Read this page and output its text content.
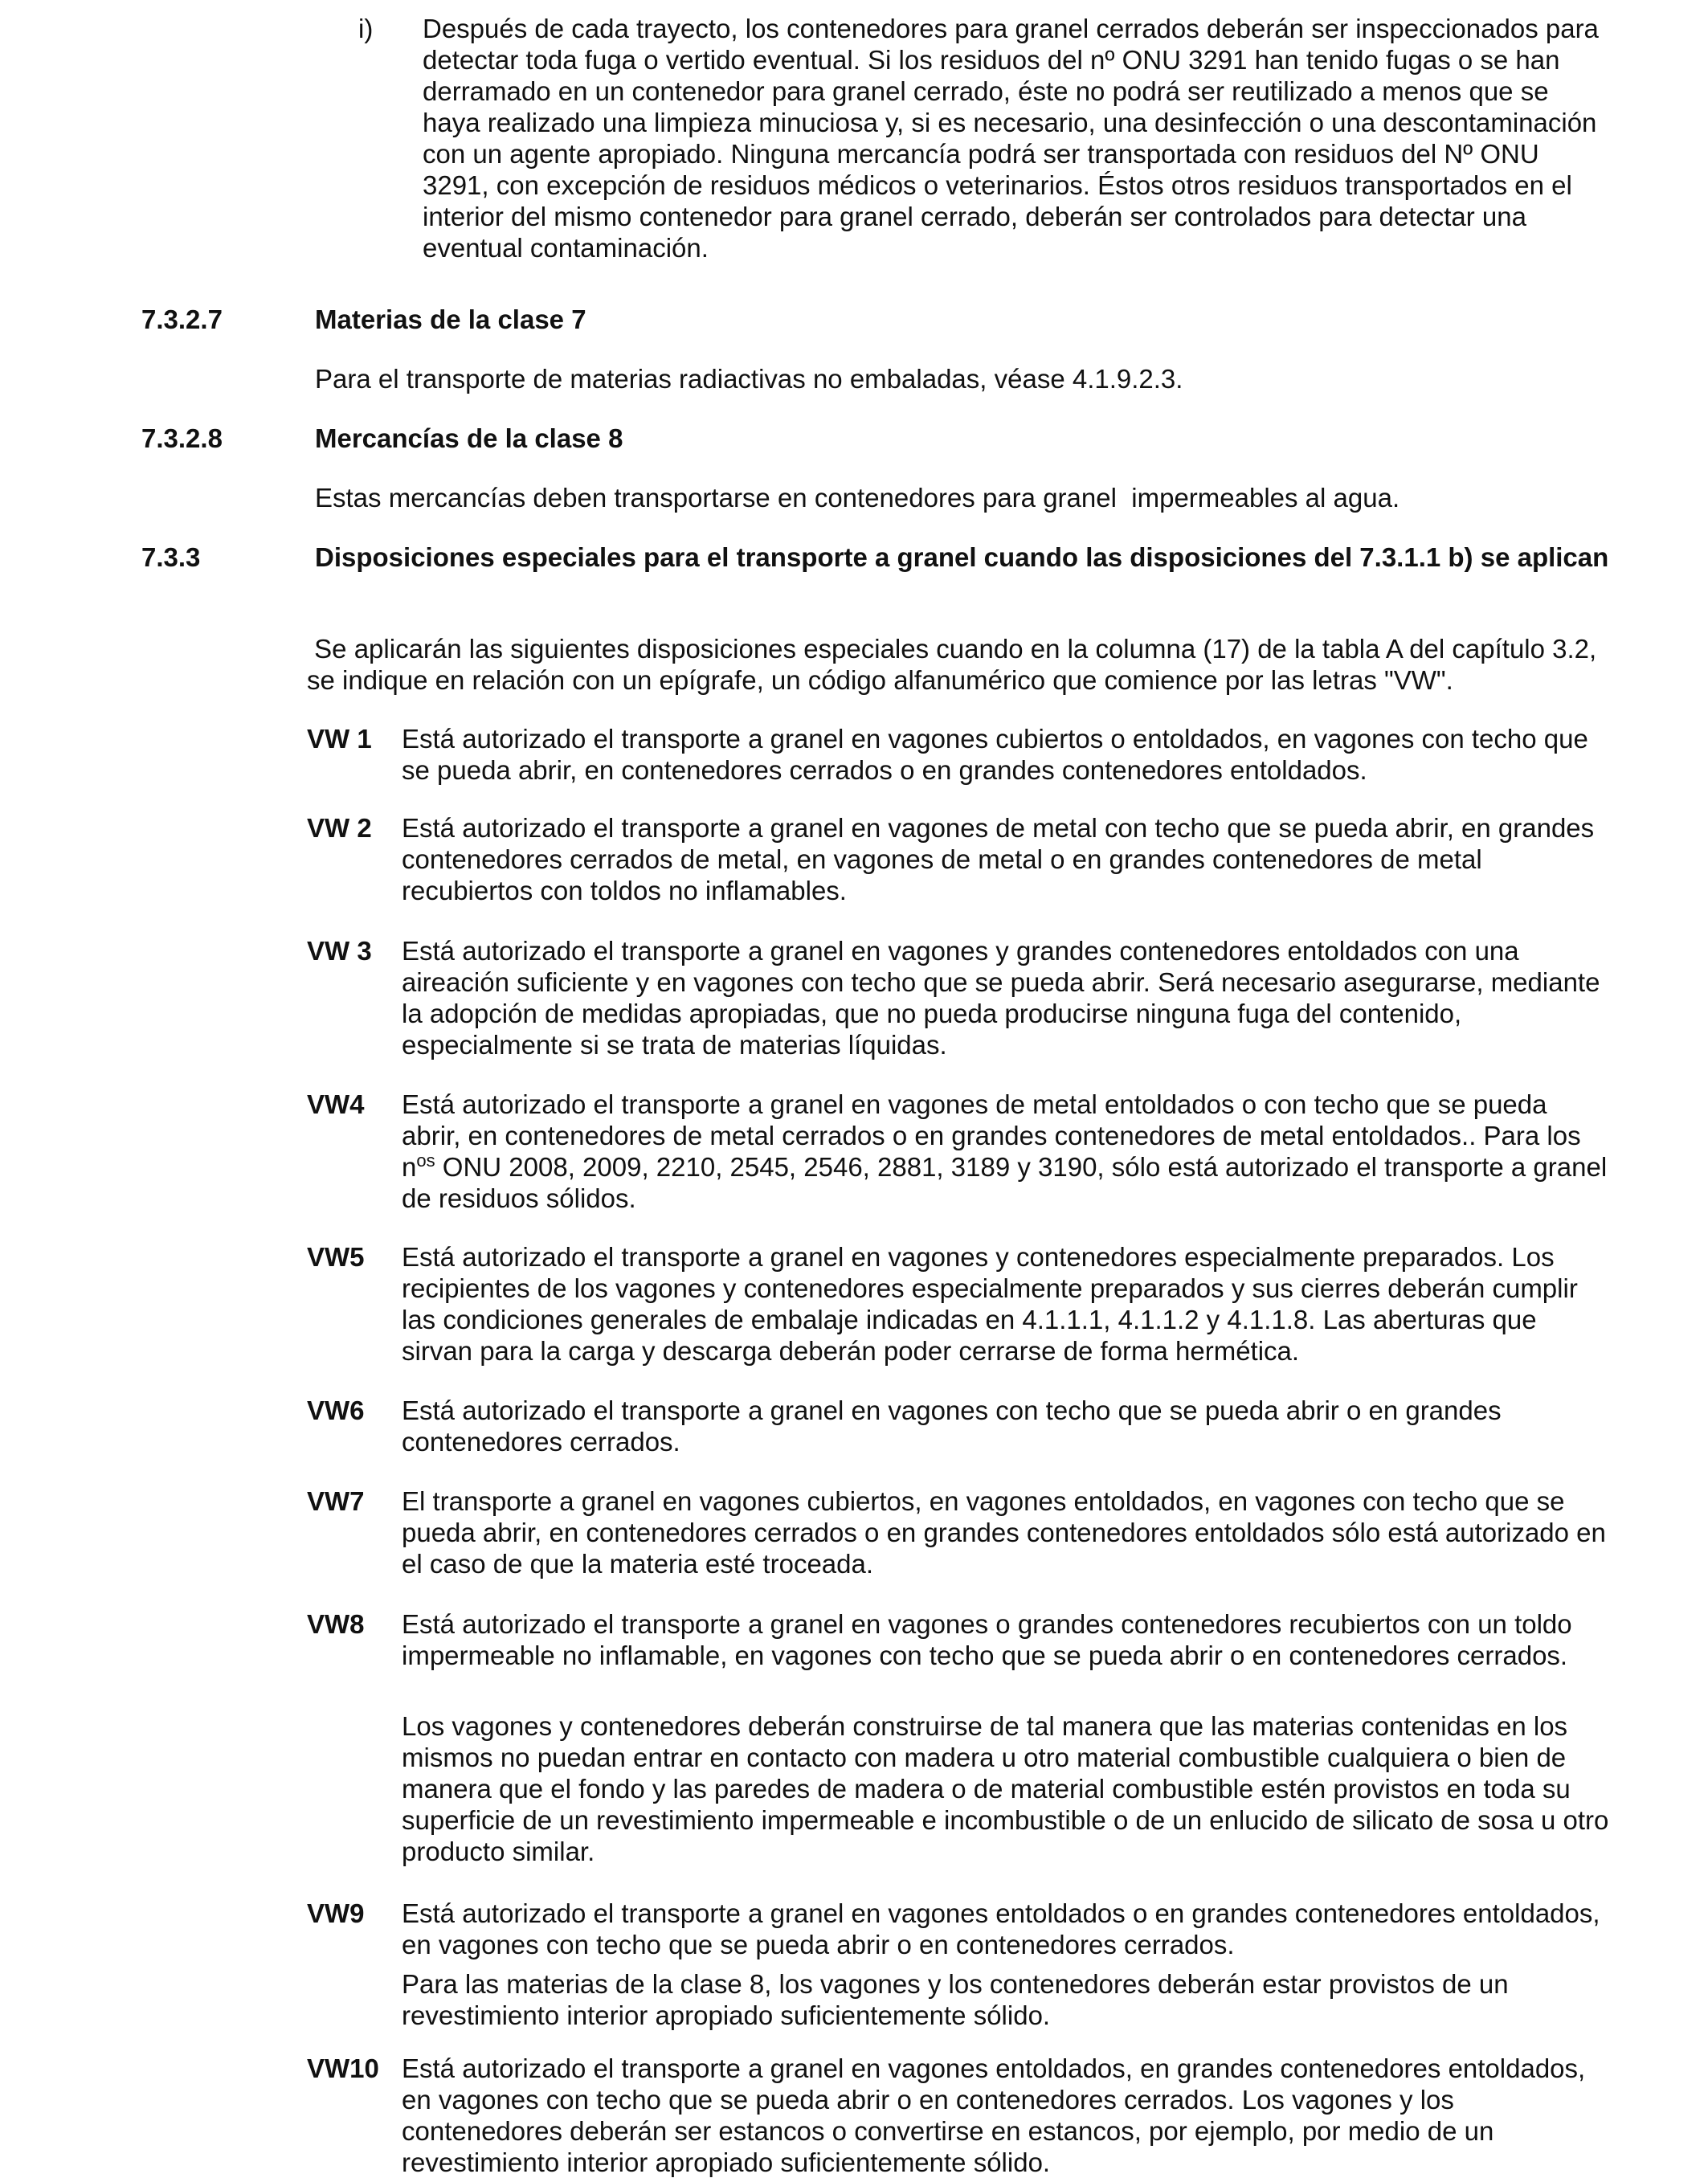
i) Después de cada trayecto, los contenedores para granel cerrados deberán ser inspeccionados para detectar toda fuga o vertido eventual. Si los residuos del nº ONU 3291 han tenido fugas o se han derramado en un contenedor para granel cerrado, éste no podrá ser reutilizado a menos que se haya realizado una limpieza minuciosa y, si es necesario, una desinfección o una descontaminación con un agente apropiado. Ninguna mercancía podrá ser transportada con residuos del Nº ONU 3291, con excepción de residuos médicos o veterinarios. Éstos otros residuos transportados en el interior del mismo contenedor para granel cerrado, deberán ser controlados para detectar una eventual contaminación.
7.3.2.7	Materias de la clase 7
Para el transporte de materias radiactivas no embaladas, véase 4.1.9.2.3.
7.3.2.8	Mercancías de la clase 8
Estas mercancías deben transportarse en contenedores para granel  impermeables al agua.
7.3.3	Disposiciones especiales para el transporte a granel cuando las disposiciones del 7.3.1.1 b) se aplican
Se aplicarán las siguientes disposiciones especiales cuando en la columna (17) de la tabla A del capítulo 3.2, se indique en relación con un epígrafe, un código alfanumérico que comience por las letras "VW".
VW 1 Está autorizado el transporte a granel en vagones cubiertos o entoldados, en vagones con techo que se pueda abrir, en contenedores cerrados o en grandes contenedores entoldados.
VW 2 Está autorizado el transporte a granel en vagones de metal con techo que se pueda abrir, en grandes contenedores cerrados de metal, en vagones de metal o en grandes contenedores de metal recubiertos con toldos no inflamables.
VW 3 Está autorizado el transporte a granel en vagones y grandes contenedores entoldados con una aireación suficiente y en vagones con techo que se pueda abrir. Será necesario asegurarse, mediante la adopción de medidas apropiadas, que no pueda producirse ninguna fuga del contenido, especialmente si se trata de materias líquidas.
VW4 Está autorizado el transporte a granel en vagones de metal entoldados o con techo que se pueda abrir, en contenedores de metal cerrados o en grandes contenedores de metal entoldados.. Para los $n^{os}$ ONU 2008, 2009, 2210, 2545, 2546, 2881, 3189 y 3190, sólo está autorizado el transporte a granel de residuos sólidos.
VW5 Está autorizado el transporte a granel en vagones y contenedores especialmente preparados. Los recipientes de los vagones y contenedores especialmente preparados y sus cierres deberán cumplir las condiciones generales de embalaje indicadas en 4.1.1.1, 4.1.1.2 y 4.1.1.8. Las aberturas que sirvan para la carga y descarga deberán poder cerrarse de forma hermética.
VW6 Está autorizado el transporte a granel en vagones con techo que se pueda abrir o en grandes contenedores cerrados.
VW7 El transporte a granel en vagones cubiertos, en vagones entoldados, en vagones con techo que se pueda abrir, en contenedores cerrados o en grandes contenedores entoldados sólo está autorizado en el caso de que la materia esté troceada.
VW8 Está autorizado el transporte a granel en vagones o grandes contenedores recubiertos con un toldo impermeable no inflamable, en vagones con techo que se pueda abrir o en contenedores cerrados.
Los vagones y contenedores deberán construirse de tal manera que las materias contenidas en los mismos no puedan entrar en contacto con madera u otro material combustible cualquiera o bien de manera que el fondo y las paredes de madera o de material combustible estén provistos en toda su superficie de un revestimiento impermeable e incombustible o de un enlucido de silicato de sosa u otro producto similar.
VW9 Está autorizado el transporte a granel en vagones entoldados o en grandes contenedores entoldados, en vagones con techo que se pueda abrir o en contenedores cerrados.
Para las materias de la clase 8, los vagones y los contenedores deberán estar provistos de un revestimiento interior apropiado suficientemente sólido.
VW10 Está autorizado el transporte a granel en vagones entoldados, en grandes contenedores entoldados, en vagones con techo que se pueda abrir o en contenedores cerrados. Los vagones y los contenedores deberán ser estancos o convertirse en estancos, por ejemplo, por medio de un revestimiento interior apropiado suficientemente sólido.
